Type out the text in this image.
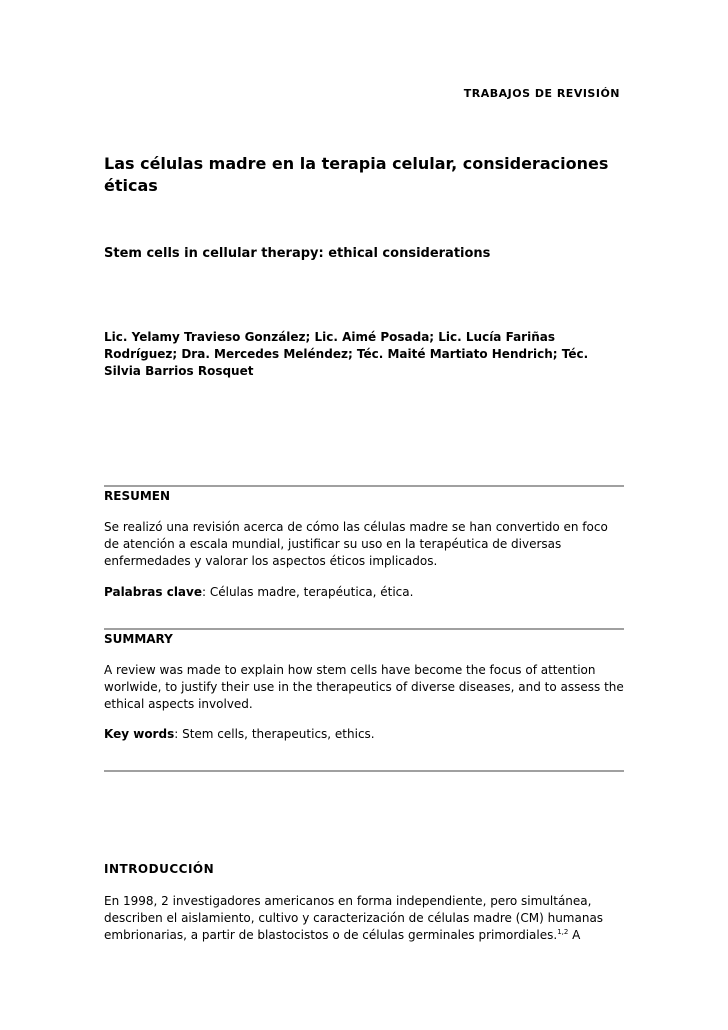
TRABAJOS DE REVISIÓN
Las células madre en la terapia celular, consideraciones éticas
Stem cells in cellular therapy: ethical considerations

Lic. Yelamy Travieso González; Lic. Aimé Posada; Lic. Lucía Fariñas Rodríguez; Dra. Mercedes Meléndez; Téc. Maité Martiato Hendrich; Téc. Silvia Barrios Rosquet

RESUMEN

Se realizó una revisión acerca de cómo las células madre se han convertido en foco de atención a escala mundial, justificar su uso en la terapéutica de diversas enfermedades y valorar los aspectos éticos implicados.

Palabras clave: Células madre, terapéutica, ética.

SUMMARY

A review was made to explain how stem cells have become the focus of attention worlwide, to justify their use in the therapeutics of diverse diseases, and to assess the ethical aspects involved.

Key words: Stem cells, therapeutics, ethics.

INTRODUCCIÓN

En 1998, 2 investigadores americanos en forma independiente, pero simultánea, describen el aislamiento, cultivo y caracterización de células madre (CM) humanas embrionarias, a partir de blastocistos o de células germinales primordiales.$^{1,2}$ A
